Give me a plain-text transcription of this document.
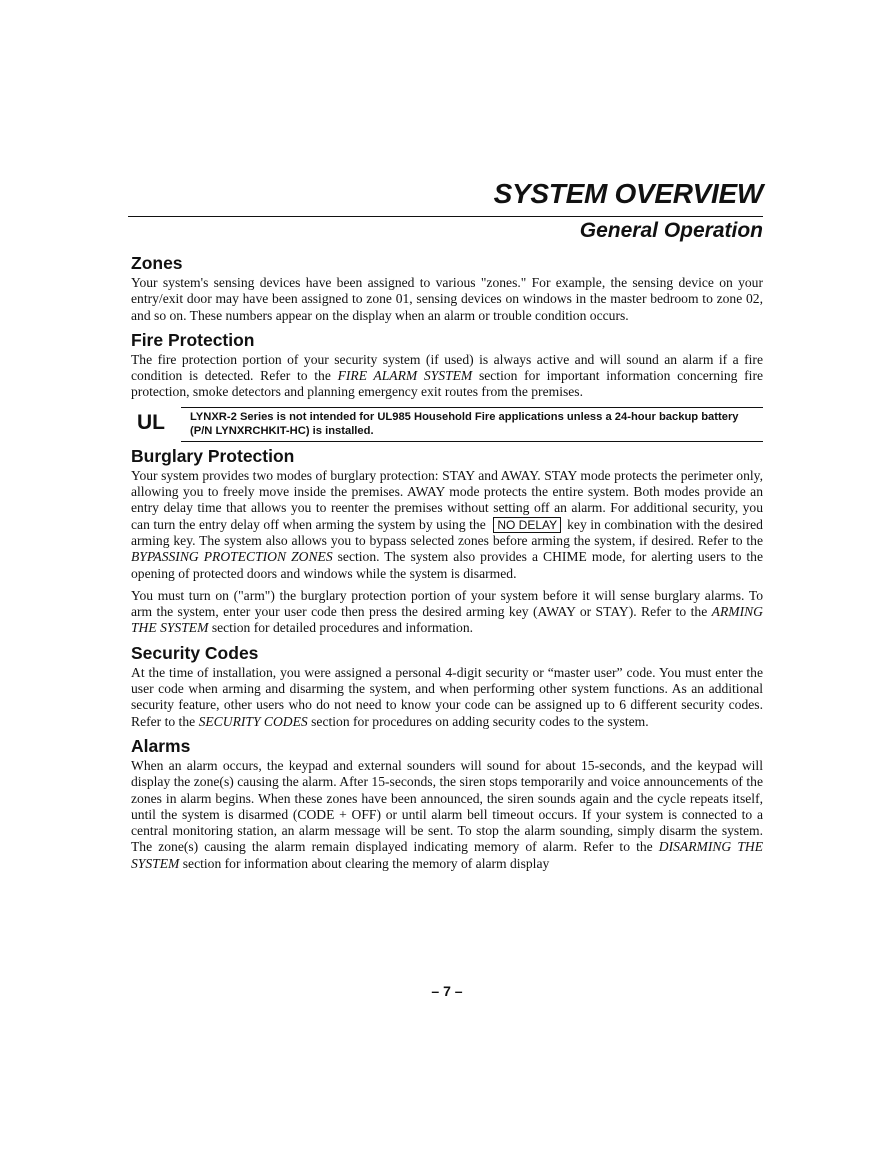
SYSTEM OVERVIEW
General Operation
Zones

Your system's sensing devices have been assigned to various "zones." For example, the sensing device on your entry/exit door may have been assigned to zone 01, sensing devices on windows in the master bedroom to zone 02, and so on. These numbers appear on the display when an alarm or trouble condition occurs.

Fire Protection

The fire protection portion of your security system (if used) is always active and will sound an alarm if a fire condition is detected. Refer to the FIRE ALARM SYSTEM section for important information concerning fire protection, smoke detectors and planning emergency exit routes from the premises.

UL LYNXR-2 Series is not intended for UL985 Household Fire applications unless a 24-hour backup battery (P/N LYNXRCHKIT-HC) is installed.
Burglary Protection

Your system provides two modes of burglary protection: STAY and AWAY. STAY mode protects the perimeter only, allowing you to freely move inside the premises. AWAY mode protects the entire system. Both modes provide an entry delay time that allows you to reenter the premises without setting off an alarm. For additional security, you can turn the entry delay off when arming the system by using the NO DELAY key in combination with the desired arming key. The system also allows you to bypass selected zones before arming the system, if desired. Refer to the BYPASSING PROTECTION ZONES section. The system also provides a CHIME mode, for alerting users to the opening of protected doors and windows while the system is disarmed.

You must turn on ("arm") the burglary protection portion of your system before it will sense burglary alarms. To arm the system, enter your user code then press the desired arming key (AWAY or STAY). Refer to the ARMING THE SYSTEM section for detailed procedures and information.

Security Codes

At the time of installation, you were assigned a personal 4-digit security or “master user” code. You must enter the user code when arming and disarming the system, and when performing other system functions. As an additional security feature, other users who do not need to know your code can be assigned up to 6 different security codes. Refer to the SECURITY CODES section for procedures on adding security codes to the system.

Alarms

When an alarm occurs, the keypad and external sounders will sound for about 15-seconds, and the keypad will display the zone(s) causing the alarm. After 15-seconds, the siren stops temporarily and voice announcements of the zones in alarm begins. When these zones have been announced, the siren sounds again and the cycle repeats itself, until the system is disarmed (CODE + OFF) or until alarm bell timeout occurs. If your system is connected to a central monitoring station, an alarm message will be sent. To stop the alarm sounding, simply disarm the system. The zone(s) causing the alarm remain displayed indicating memory of alarm. Refer to the DISARMING THE SYSTEM section for information about clearing the memory of alarm display

– 7 –
